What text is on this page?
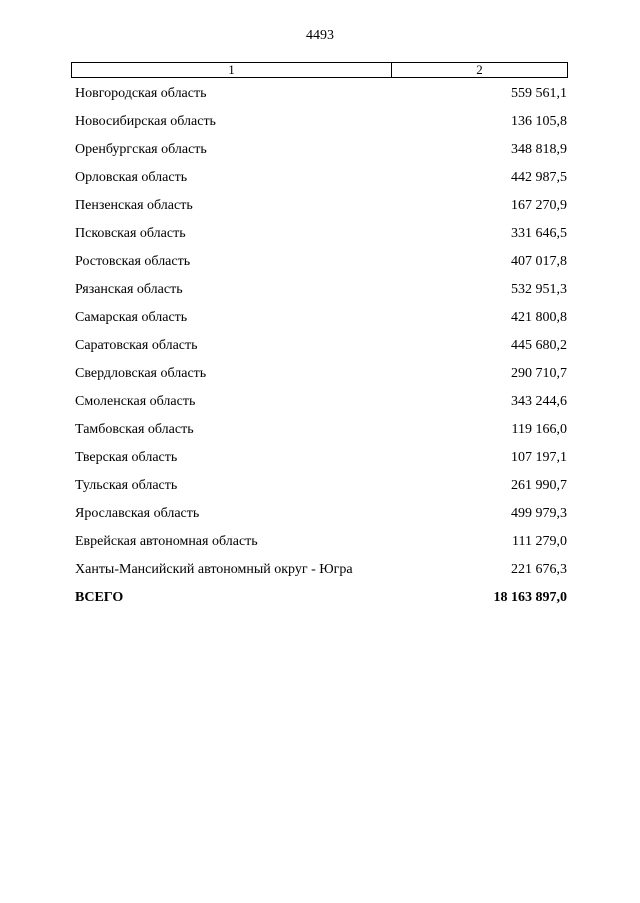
4493
1	2
Новгородская область	559 561,1
Новосибирская область	136 105,8
Оренбургская область	348 818,9
Орловская область	442 987,5
Пензенская область	167 270,9
Псковская область	331 646,5
Ростовская область	407 017,8
Рязанская область	532 951,3
Самарская область	421 800,8
Саратовская область	445 680,2
Свердловская область	290 710,7
Смоленская область	343 244,6
Тамбовская область	119 166,0
Тверская область	107 197,1
Тульская область	261 990,7
Ярославская область	499 979,3
Еврейская автономная область	111 279,0
Ханты-Мансийский автономный округ - Югра	221 676,3
ВСЕГО	18 163 897,0
